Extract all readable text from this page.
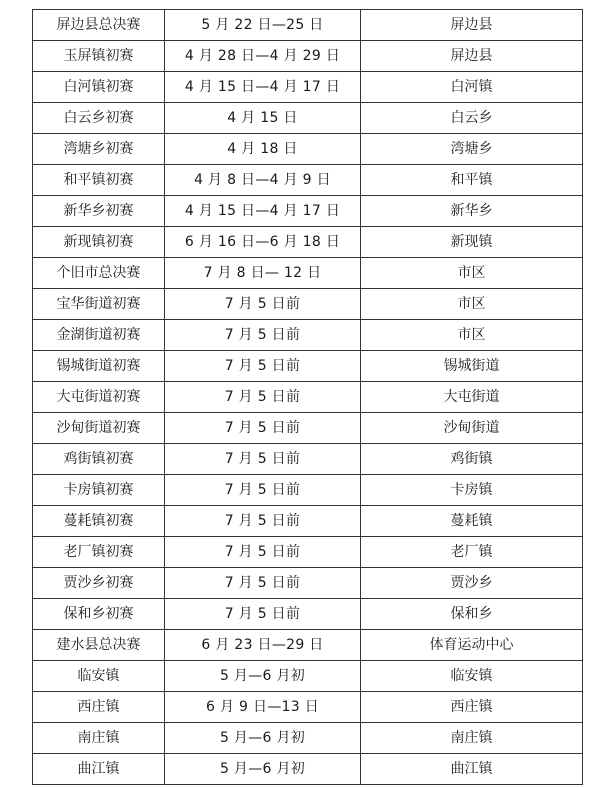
屏边县总决赛	5 月 22 日—25 日	屏边县
玉屏镇初赛	4 月 28 日—4 月 29 日	屏边县
白河镇初赛	4 月 15 日—4 月 17 日	白河镇
白云乡初赛	4 月 15 日	白云乡
湾塘乡初赛	4 月 18 日	湾塘乡
和平镇初赛	4 月 8 日—4 月 9 日	和平镇
新华乡初赛	4 月 15 日—4 月 17 日	新华乡
新现镇初赛	6 月 16 日—6 月 18 日	新现镇
个旧市总决赛	7 月 8 日— 12 日	市区
宝华街道初赛	7 月 5 日前	市区
金湖街道初赛	7 月 5 日前	市区
锡城街道初赛	7 月 5 日前	锡城街道
大屯街道初赛	7 月 5 日前	大屯街道
沙甸街道初赛	7 月 5 日前	沙甸街道
鸡街镇初赛	7 月 5 日前	鸡街镇
卡房镇初赛	7 月 5 日前	卡房镇
蔓耗镇初赛	7 月 5 日前	蔓耗镇
老厂镇初赛	7 月 5 日前	老厂镇
贾沙乡初赛	7 月 5 日前	贾沙乡
保和乡初赛	7 月 5 日前	保和乡
建水县总决赛	6 月 23 日—29 日	体育运动中心
临安镇	5 月—6 月初	临安镇
西庄镇	6 月 9 日—13 日	西庄镇
南庄镇	5 月—6 月初	南庄镇
曲江镇	5 月—6 月初	曲江镇
